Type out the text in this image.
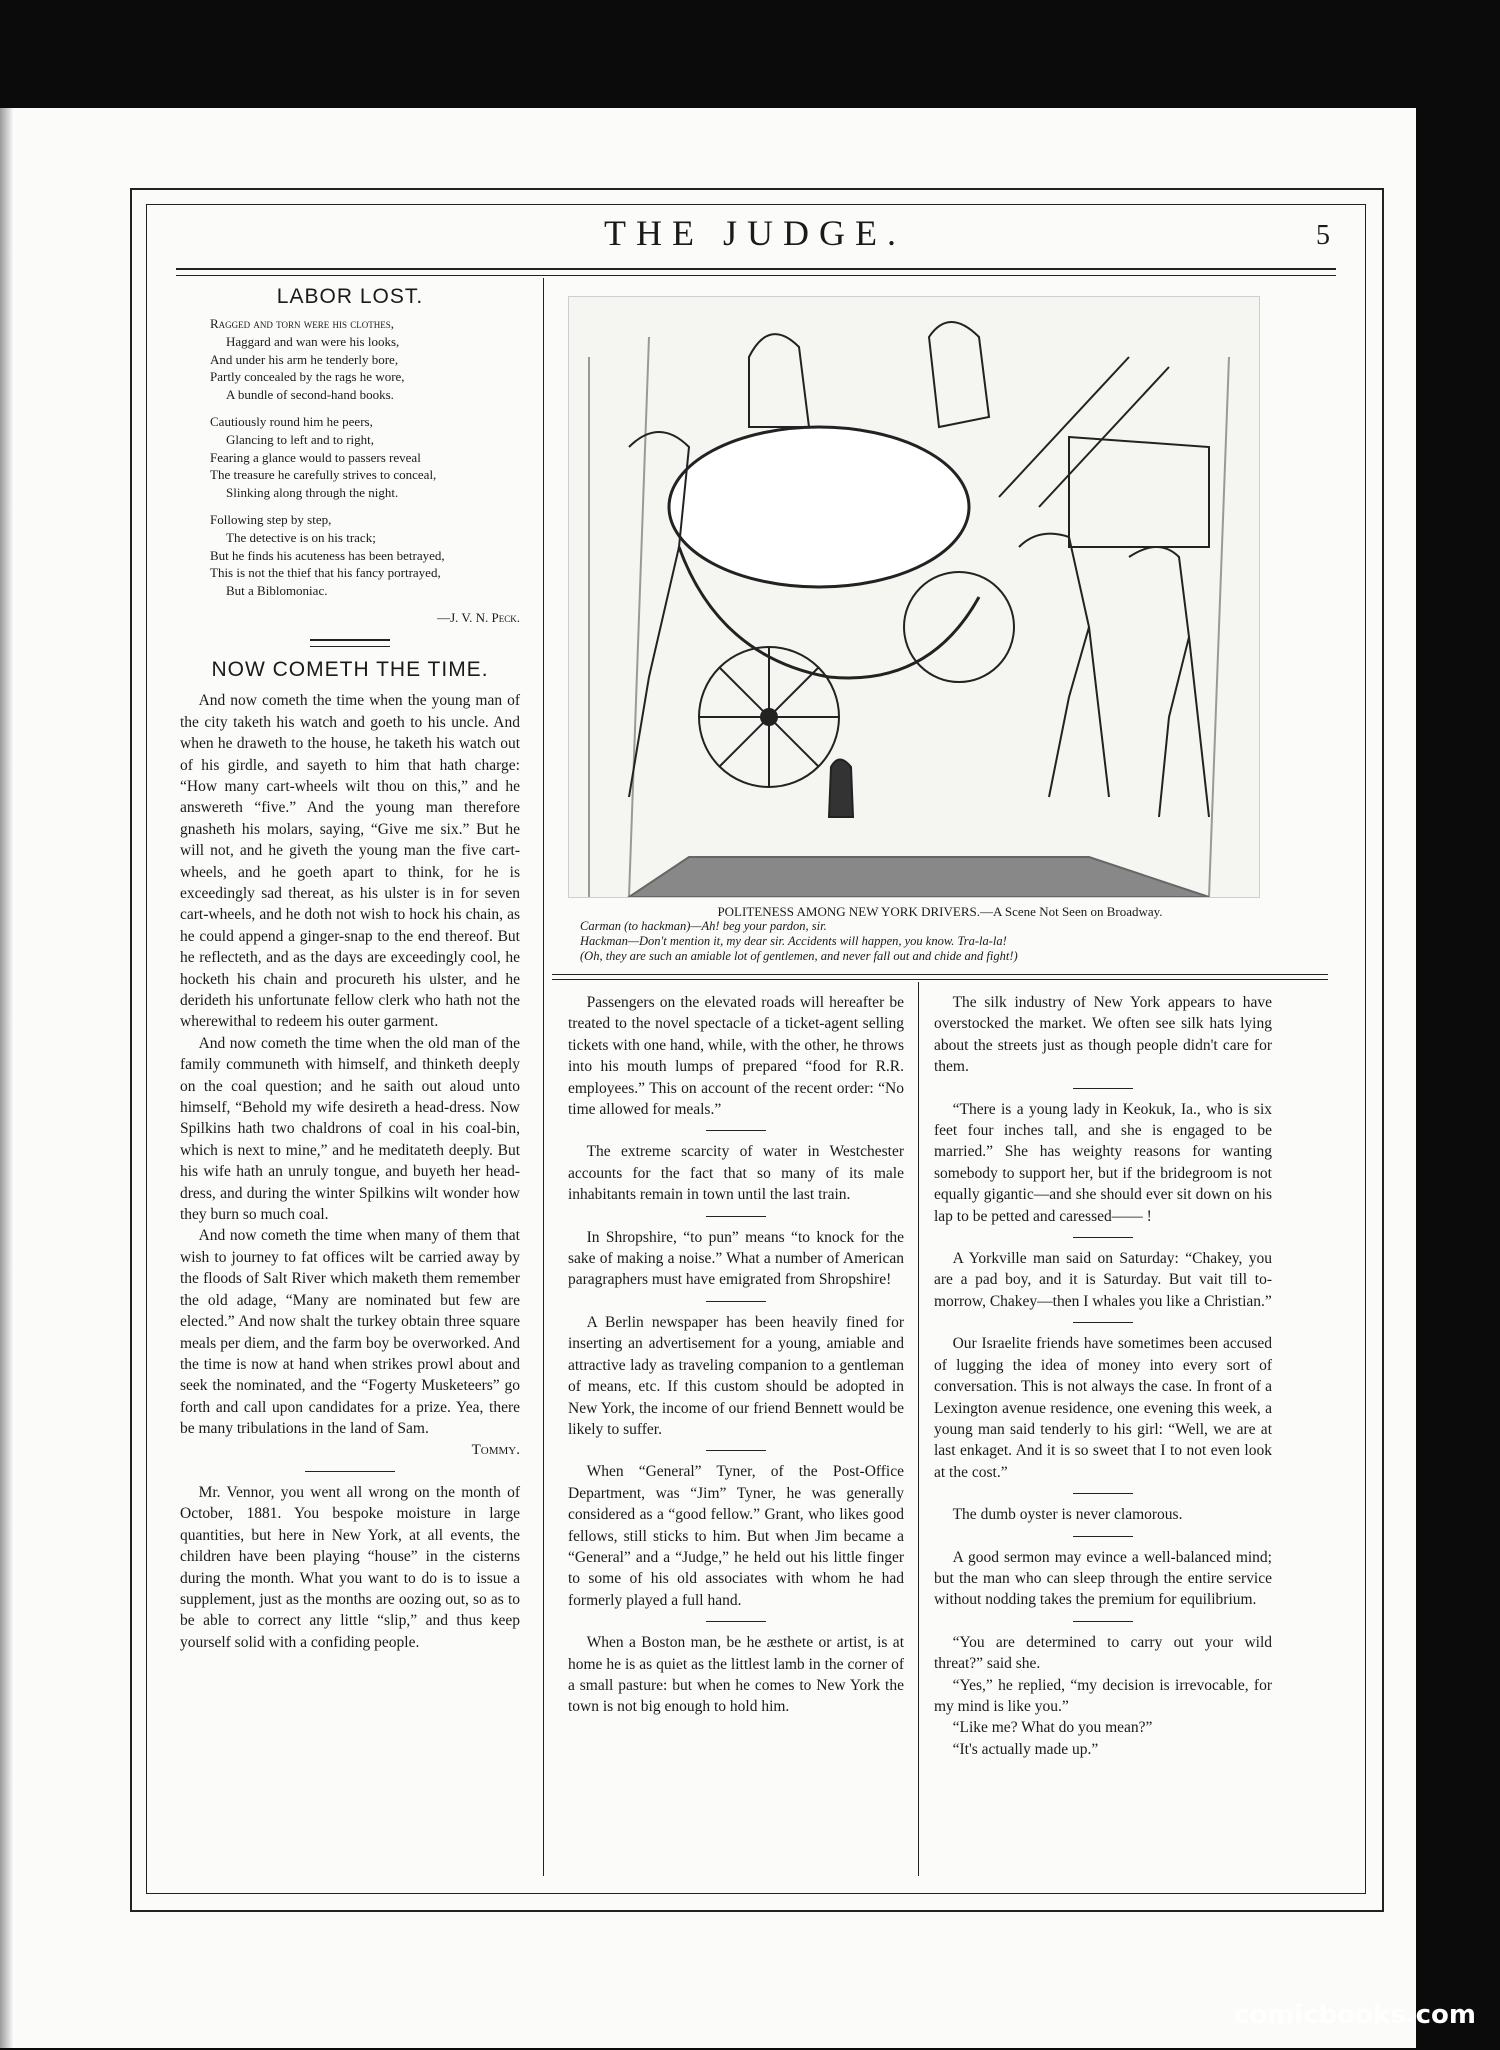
THE JUDGE.	5
LABOR LOST.
Ragged and torn were his clothes,
Haggard and wan were his looks,
And under his arm he tenderly bore,
Partly concealed by the rags he wore,
A bundle of second-hand books.
Cautiously round him he peers,
Glancing to left and to right,
Fearing a glance would to passers reveal
The treasure he carefully strives to conceal,
Slinking along through the night.
Following step by step,
The detective is on his track;
But he finds his acuteness has been betrayed,
This is not the thief that his fancy portrayed,
But a Biblomoniac.
—J. V. N. Peck.
NOW COMETH THE TIME.

And now cometh the time when the young man of the city taketh his watch and goeth to his uncle. And when he draweth to the house, he taketh his watch out of his girdle, and sayeth to him that hath charge: “How many cart-wheels wilt thou on this,” and he answereth “five.” And the young man therefore gnasheth his molars, saying, “Give me six.” But he will not, and he giveth the young man the five cart-wheels, and he goeth apart to think, for he is exceedingly sad thereat, as his ulster is in for seven cart-wheels, and he doth not wish to hock his chain, as he could append a ginger-snap to the end thereof. But he reflecteth, and as the days are exceedingly cool, he hocketh his chain and procureth his ulster, and he derideth his unfortunate fellow clerk who hath not the wherewithal to redeem his outer garment.

And now cometh the time when the old man of the family communeth with himself, and thinketh deeply on the coal question; and he saith out aloud unto himself, “Behold my wife desireth a head-dress. Now Spilkins hath two chaldrons of coal in his coal-bin, which is next to mine,” and he meditateth deeply. But his wife hath an unruly tongue, and buyeth her head-dress, and during the winter Spilkins wilt wonder how they burn so much coal.

And now cometh the time when many of them that wish to journey to fat offices wilt be carried away by the floods of Salt River which maketh them remember the old adage, “Many are nominated but few are elected.” And now shalt the turkey obtain three square meals per diem, and the farm boy be overworked. And the time is now at hand when strikes prowl about and seek the nominated, and the “Fogerty Musketeers” go forth and call upon candidates for a prize. Yea, there be many tribulations in the land of Sam.

Tommy.

Mr. Vennor, you went all wrong on the month of October, 1881. You bespoke moisture in large quantities, but here in New York, at all events, the children have been playing “house” in the cisterns during the month. What you want to do is to issue a supplement, just as the months are oozing out, so as to be able to correct any little “slip,” and thus keep yourself solid with a confiding people.

POLITENESS AMONG NEW YORK DRIVERS.—A Scene Not Seen on Broadway.
Carman (to hackman)—Ah! beg your pardon, sir.
Hackman—Don't mention it, my dear sir. Accidents will happen, you know. Tra-la-la!
(Oh, they are such an amiable lot of gentlemen, and never fall out and chide and fight!)

Passengers on the elevated roads will hereafter be treated to the novel spectacle of a ticket-agent selling tickets with one hand, while, with the other, he throws into his mouth lumps of prepared “food for R.R. employees.” This on account of the recent order: “No time allowed for meals.”

The extreme scarcity of water in Westchester accounts for the fact that so many of its male inhabitants remain in town until the last train.

In Shropshire, “to pun” means “to knock for the sake of making a noise.” What a number of American paragraphers must have emigrated from Shropshire!

A Berlin newspaper has been heavily fined for inserting an advertisement for a young, amiable and attractive lady as traveling companion to a gentleman of means, etc. If this custom should be adopted in New York, the income of our friend Bennett would be likely to suffer.

When “General” Tyner, of the Post-Office Department, was “Jim” Tyner, he was generally considered as a “good fellow.” Grant, who likes good fellows, still sticks to him. But when Jim became a “General” and a “Judge,” he held out his little finger to some of his old associates with whom he had formerly played a full hand.

When a Boston man, be he æsthete or artist, is at home he is as quiet as the littlest lamb in the corner of a small pasture: but when he comes to New York the town is not big enough to hold him.

The silk industry of New York appears to have overstocked the market. We often see silk hats lying about the streets just as though people didn't care for them.

“There is a young lady in Keokuk, Ia., who is six feet four inches tall, and she is engaged to be married.” She has weighty reasons for wanting somebody to support her, but if the bridegroom is not equally gigantic—and she should ever sit down on his lap to be petted and caressed—— !

A Yorkville man said on Saturday: “Chakey, you are a pad boy, and it is Saturday. But vait till to-morrow, Chakey—then I whales you like a Christian.”

Our Israelite friends have sometimes been accused of lugging the idea of money into every sort of conversation. This is not always the case. In front of a Lexington avenue residence, one evening this week, a young man said tenderly to his girl: “Well, we are at last enkaget. And it is so sweet that I to not even look at the cost.”

The dumb oyster is never clamorous.

A good sermon may evince a well-balanced mind; but the man who can sleep through the entire service without nodding takes the premium for equilibrium.

“You are determined to carry out your wild threat?” said she.

“Yes,” he replied, “my decision is irrevocable, for my mind is like you.”

“Like me? What do you mean?”

“It's actually made up.”

comicbooks.com
